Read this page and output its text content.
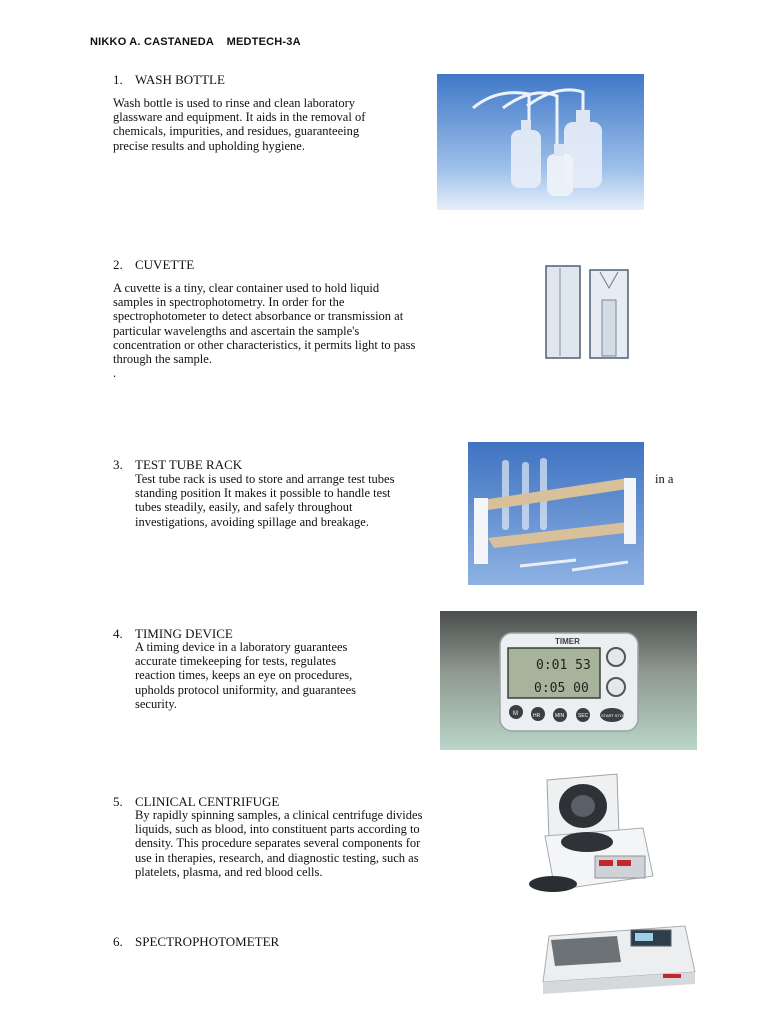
NIKKO A. CASTANEDA MEDTECH-3A
1. WASH BOTTLE
Wash bottle is used to rinse and clean laboratory
glassware and equipment. It aids in the removal of
chemicals, impurities, and residues, guaranteeing
precise results and upholding hygiene.
2. CUVETTE
A cuvette is a tiny, clear container used to hold liquid
samples in spectrophotometry. In order for the
spectrophotometer to detect absorbance or transmission at
particular wavelengths and ascertain the sample's
concentration or other characteristics, it permits light to pass
through the sample.
.
3. TEST TUBE RACK
Test tube rack is used to store and arrange test tubes
standing position It makes it possible to handle test
tubes steadily, easily, and safely throughout
investigations, avoiding spillage and breakage.
in a
4. TIMING DEVICE
A timing device in a laboratory guarantees
accurate timekeeping for tests, regulates
reaction times, keeps an eye on procedures,
upholds protocol uniformity, and guarantees
security.
TIMER
0:01 53
0:05 00
M	HR	MIN	SEC	START STOP
5. CLINICAL CENTRIFUGE
By rapidly spinning samples, a clinical centrifuge divides
liquids, such as blood, into constituent parts according to
density. This procedure separates several components for
use in therapies, research, and diagnostic testing, such as
platelets, plasma, and red blood cells.
6. SPECTROPHOTOMETER
